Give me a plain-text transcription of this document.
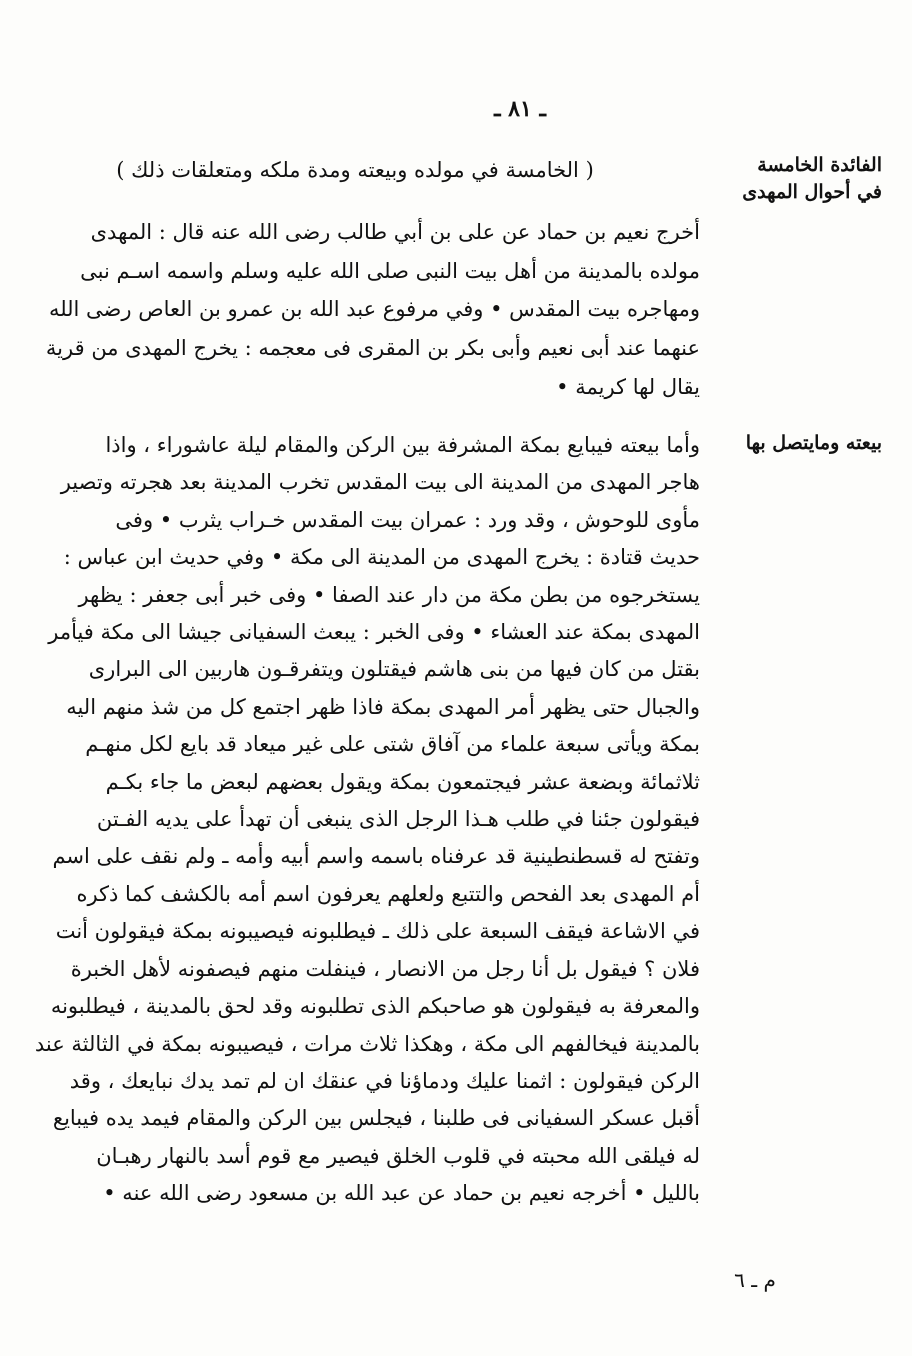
ـ ٨١ ـ
الفائدة الخامسة في أحوال المهدى
بيعته ومايتصل بها
( الخامسة في مولده وبيعته ومدة ملكه ومتعلقات ذلك )
أخرج نعيم بن حماد عن على بن أبي طالب رضى الله عنه قال : المهدى
مولده بالمدينة من أهل بيت النبى صلى الله عليه وسلم واسمه اسـم نبى
ومهاجره بيت المقدس • وفي مرفوع عبد الله بن عمرو بن العاص رضى الله
عنهما عند أبى نعيم وأبى بكر بن المقرى فى معجمه : يخرج المهدى من قرية
يقال لها كريمة •
وأما بيعته فيبايع بمكة المشرفة بين الركن والمقام ليلة عاشوراء ، واذا
هاجر المهدى من المدينة الى بيت المقدس تخرب المدينة بعد هجرته وتصير
مأوى للوحوش ، وقد ورد : عمران بيت المقدس خـراب يثرب • وفى
حديث قتادة : يخرج المهدى من المدينة الى مكة • وفي حديث ابن عباس :
يستخرجوه من بطن مكة من دار عند الصفا • وفى خبر أبى جعفر : يظهر
المهدى بمكة عند العشاء • وفى الخبر : يبعث السفيانى جيشا الى مكة فيأمر
بقتل من كان فيها من بنى هاشم فيقتلون ويتفرقـون هاربين الى البرارى
والجبال حتى يظهر أمر المهدى بمكة فاذا ظهر اجتمع كل من شذ منهم اليه
بمكة ويأتى سبعة علماء من آفاق شتى على غير ميعاد قد بايع لكل منهـم
ثلاثمائة وبضعة عشر فيجتمعون بمكة ويقول بعضهم لبعض ما جاء بكـم
فيقولون جئنا في طلب هـذا الرجل الذى ينبغى أن تهدأ على يديه الفـتن
وتفتح له قسطنطينية قد عرفناه باسمه واسم أبيه وأمه ـ ولم نقف على اسم
أم المهدى بعد الفحص والتتبع ولعلهم يعرفون اسم أمه بالكشف كما ذكره
في الاشاعة فيقف السبعة على ذلك ـ فيطلبونه فيصيبونه بمكة فيقولون أنت
فلان ؟ فيقول بل أنا رجل من الانصار ، فينفلت منهم فيصفونه لأهل الخبرة
والمعرفة به فيقولون هو صاحبكم الذى تطلبونه وقد لحق بالمدينة ، فيطلبونه
بالمدينة فيخالفهم الى مكة ، وهكذا ثلاث مرات ، فيصيبونه بمكة في الثالثة عند
الركن فيقولون : اثمنا عليك ودماؤنا في عنقك ان لم تمد يدك نبايعك ، وقد
أقبل عسكر السفيانى فى طلبنا ، فيجلس بين الركن والمقام فيمد يده فيبايع
له فيلقى الله محبته في قلوب الخلق فيصير مع قوم أسد بالنهار رهبـان
بالليل • أخرجه نعيم بن حماد عن عبد الله بن مسعود رضى الله عنه •
م ـ ٦
